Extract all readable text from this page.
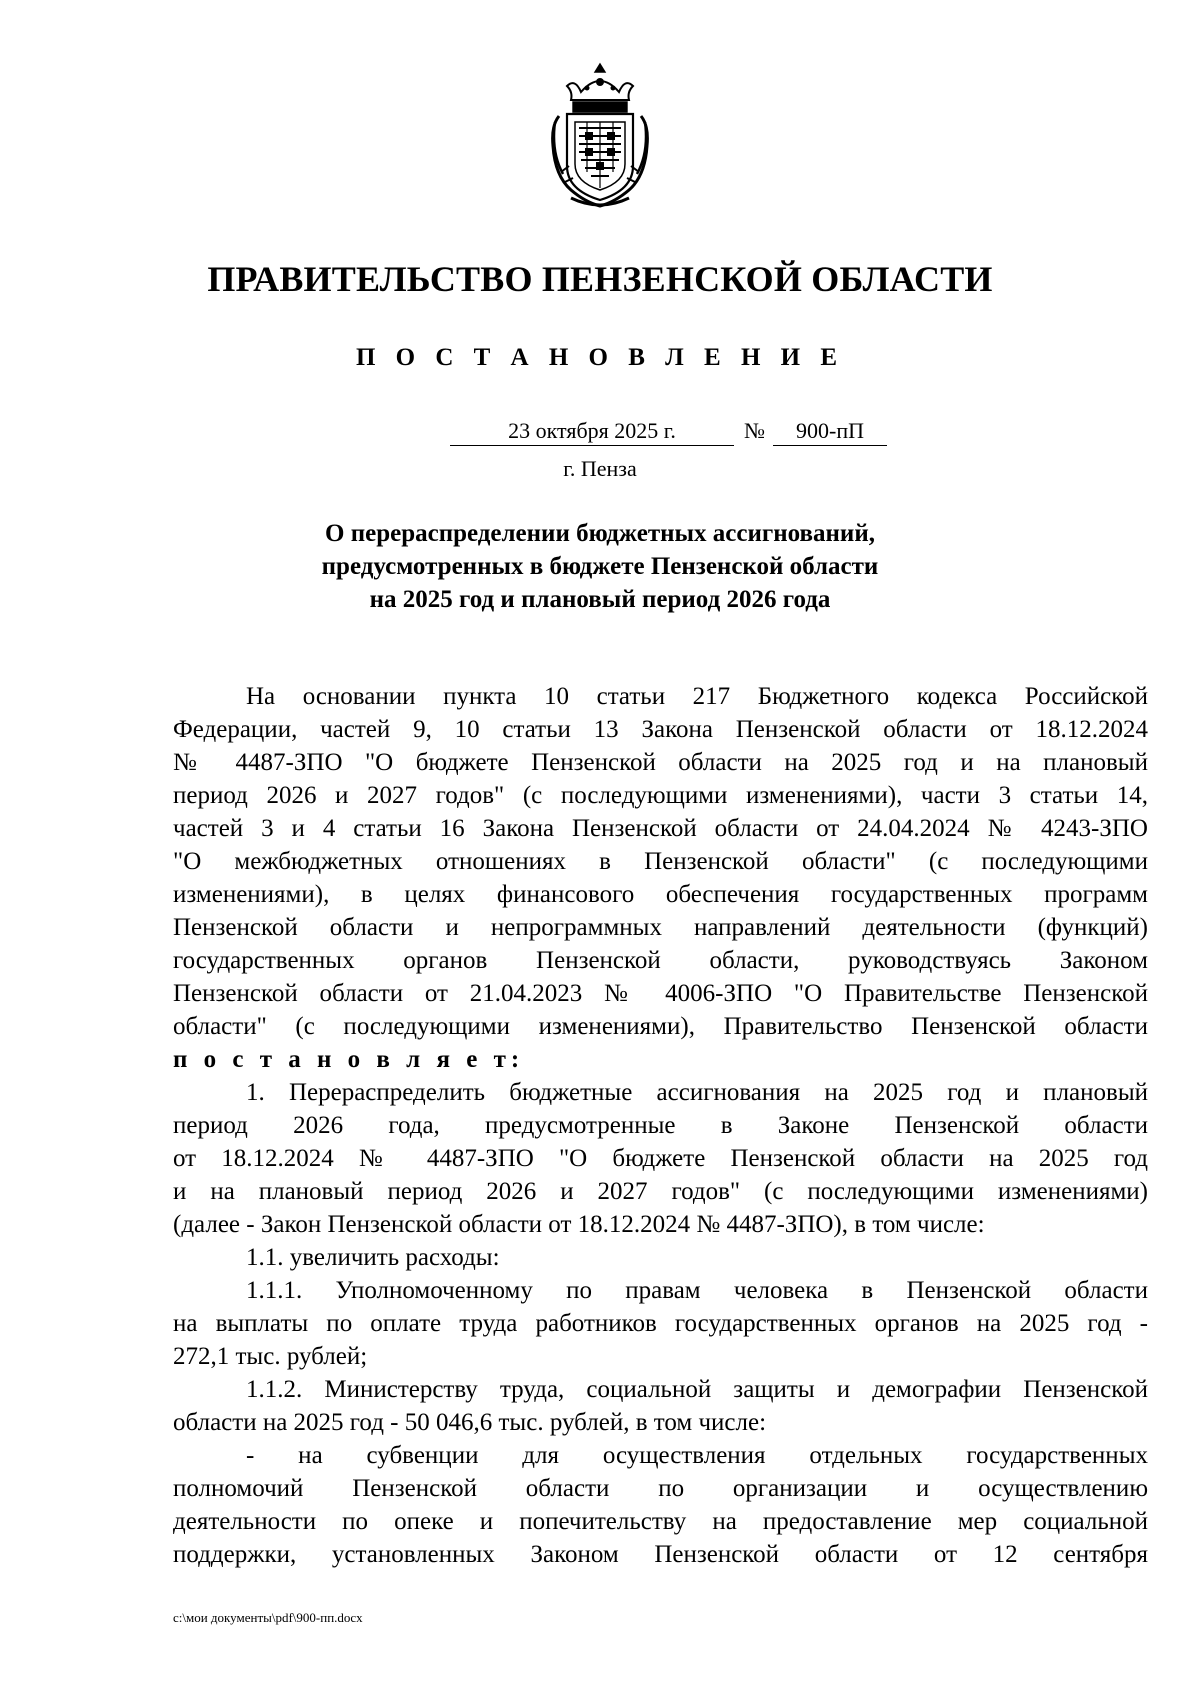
ПРАВИТЕЛЬСТВО ПЕНЗЕНСКОЙ ОБЛАСТИ
П О С Т А Н О В Л Е Н И Е
23 октября 2025 г.	№ 900-пП
г. Пенза
О перераспределении бюджетных ассигнований,
предусмотренных в бюджете Пензенской области
на 2025 год и плановый период 2026 года

На основании пункта 10 статьи 217 Бюджетного кодекса Российской

Федерации, частей 9, 10 статьи 13 Закона Пензенской области от 18.12.2024

№ 4487-ЗПО "О бюджете Пензенской области на 2025 год и на плановый

период 2026 и 2027 годов" (с последующими изменениями), части 3 статьи 14,

частей 3 и 4 статьи 16 Закона Пензенской области от 24.04.2024 № 4243-ЗПО

"О межбюджетных отношениях в Пензенской области" (с последующими

изменениями), в целях финансового обеспечения государственных программ

Пензенской области и непрограммных направлений деятельности (функций)

государственных органов Пензенской области, руководствуясь Законом

Пензенской области от 21.04.2023 № 4006-ЗПО "О Правительстве Пензенской

области" (с последующими изменениями), Правительство Пензенской области

п о с т а н о в л я е т:

1. Перераспределить бюджетные ассигнования на 2025 год и плановый

период 2026 года, предусмотренные в Законе Пензенской области

от 18.12.2024 № 4487-ЗПО "О бюджете Пензенской области на 2025 год

и на плановый период 2026 и 2027 годов" (с последующими изменениями)

(далее - Закон Пензенской области от 18.12.2024 № 4487-ЗПО), в том числе:

1.1. увеличить расходы:

1.1.1. Уполномоченному по правам человека в Пензенской области

на выплаты по оплате труда работников государственных органов на 2025 год -

272,1 тыс. рублей;

1.1.2. Министерству труда, социальной защиты и демографии Пензенской

области на 2025 год - 50 046,6 тыс. рублей, в том числе:

- на субвенции для осуществления отдельных государственных

полномочий Пензенской области по организации и осуществлению

деятельности по опеке и попечительству на предоставление мер социальной

поддержки, установленных Законом Пензенской области от 12 сентября

c:\мои документы\pdf\900-пп.docx
